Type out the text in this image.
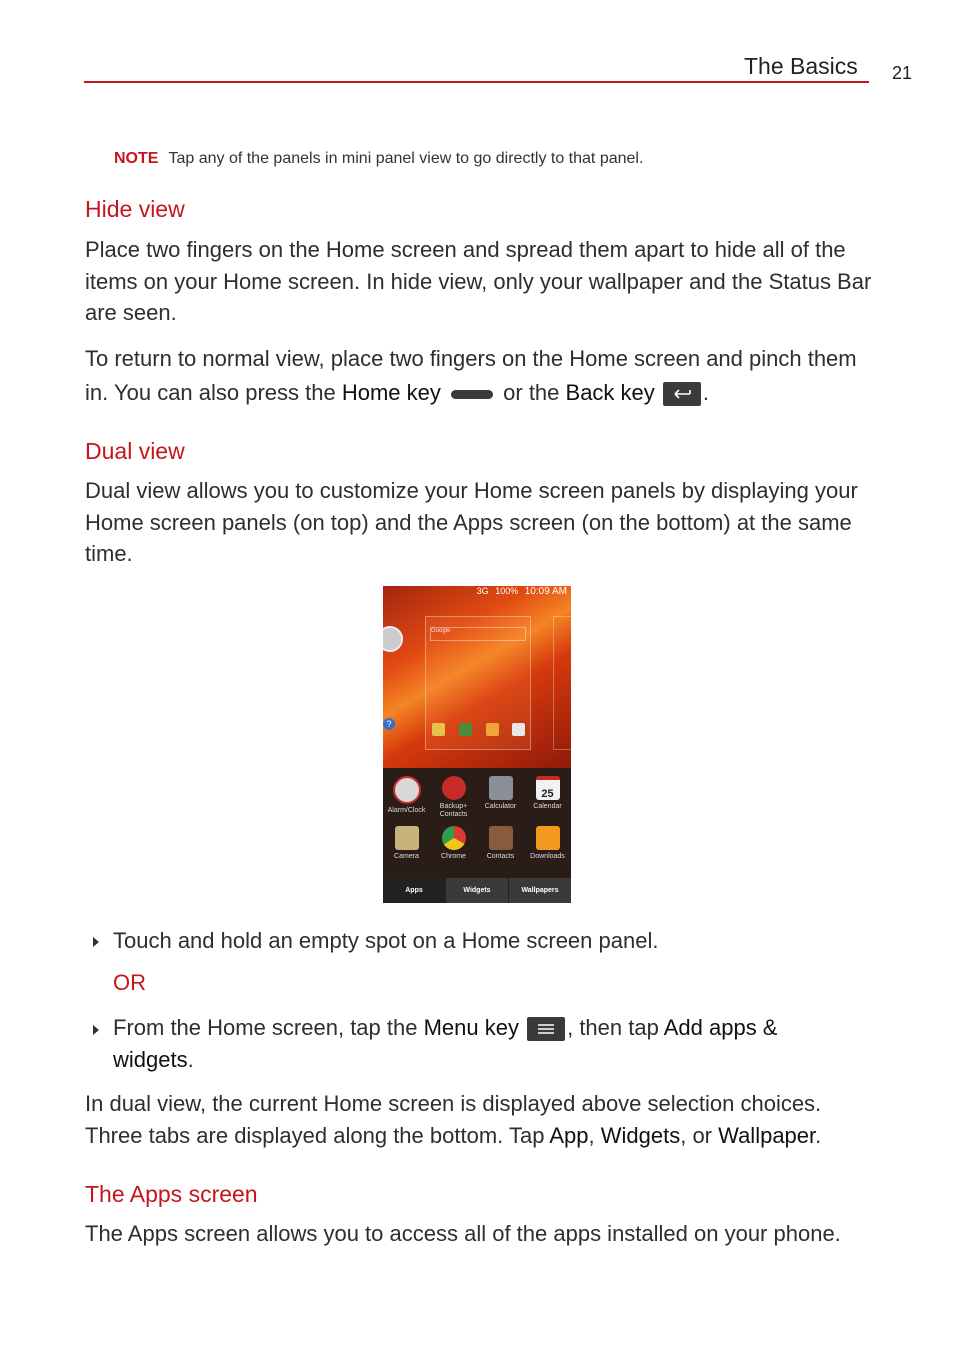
The Basics 21
NOTE Tap any of the panels in mini panel view to go directly to that panel.
Hide view

Place two fingers on the Home screen and spread them apart to hide all of the items on your Home screen. In hide view, only your wallpaper and the Status Bar are seen.

To return to normal view, place two fingers on the Home screen and pinch them in. You can also press the Home key	or the Back key .

Dual view

Dual view allows you to customize your Home screen panels by displaying your Home screen panels (on top) and the Apps screen (on the bottom) at the same time.

3G 100% 10:09 AM
?
Google
Alarm/Clock
Backup+ Contacts
Calculator
25
Calendar
Camera	Chrome	Contacts	Downloads
Apps	Widgets	Wallpapers
Touch and hold an empty spot on a Home screen panel.
OR
From the Home screen, tap the Menu key , then tap Add apps & widgets.

In dual view, the current Home screen is displayed above selection choices. Three tabs are displayed along the bottom. Tap App, Widgets, or Wallpaper.

The Apps screen

The Apps screen allows you to access all of the apps installed on your phone.
